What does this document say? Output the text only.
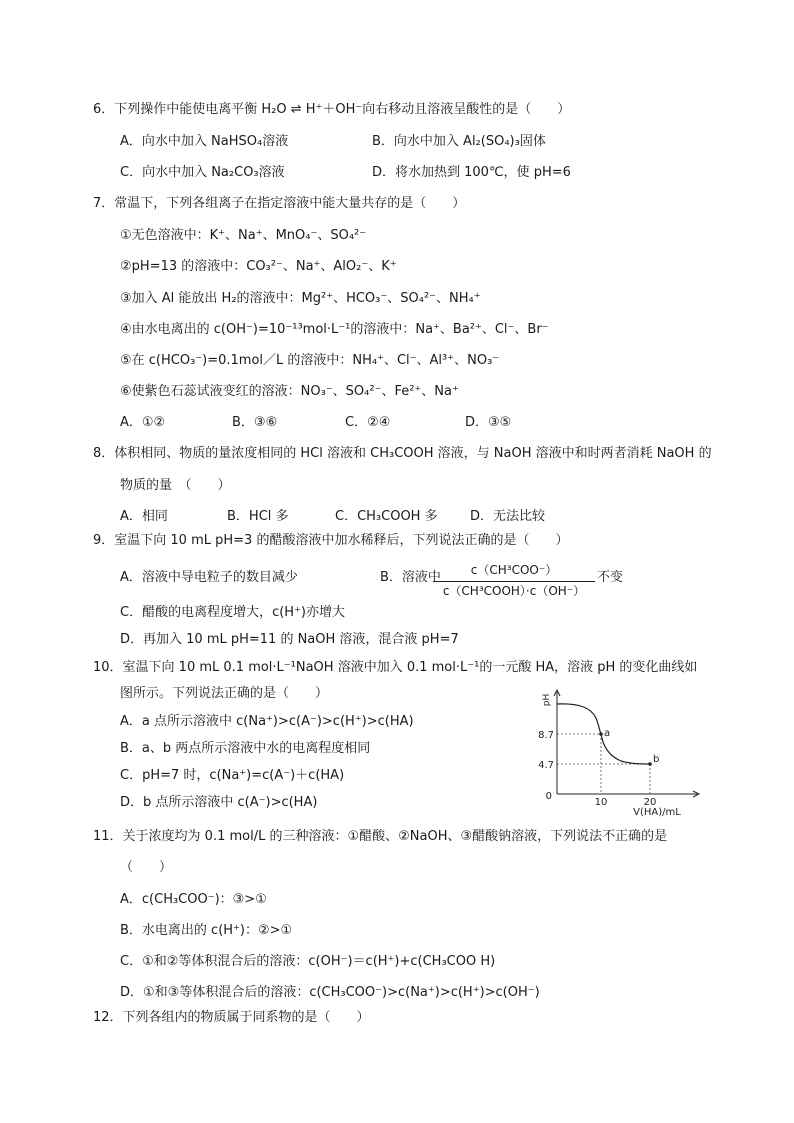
6．下列操作中能使电离平衡 H₂O ⇌ H⁺＋OH⁻向右移动且溶液呈酸性的是（　　）
A．向水中加入 NaHSO₄溶液	B．向水中加入 Al₂(SO₄)₃固体
C．向水中加入 Na₂CO₃溶液	D．将水加热到 100℃，使 pH=6
7．常温下，下列各组离子在指定溶液中能大量共存的是（　　）
①无色溶液中：K⁺、Na⁺、MnO₄⁻、SO₄²⁻
②pH=13 的溶液中：CO₃²⁻、Na⁺、AlO₂⁻、K⁺
③加入 Al 能放出 H₂的溶液中：Mg²⁺、HCO₃⁻、SO₄²⁻、NH₄⁺
④由水电离出的 c(OH⁻)=10⁻¹³mol·L⁻¹的溶液中：Na⁺、Ba²⁺、Cl⁻、Br⁻
⑤在 c(HCO₃⁻)=0.1mol／L 的溶液中：NH₄⁺、Cl⁻、Al³⁺、NO₃⁻
⑥使紫色石蕊试液变红的溶液：NO₃⁻、SO₄²⁻、Fe²⁺、Na⁺
A．①②	B．③⑥	C．②④	D．③⑤
8．体积相同、物质的量浓度相同的 HCl 溶液和 CH₃COOH 溶液，与 NaOH 溶液中和时两者消耗 NaOH 的
物质的量　（　　）
A．相同	B．HCl 多	C．CH₃COOH 多 D．无法比较
9．室温下向 10 mL pH=3 的醋酸溶液中加水稀释后，下列说法正确的是（　　）
A．溶液中导电粒子的数目减少	B．溶液中	c（CH³COO⁻）
c（CH³COOH）·c（OH⁻）
不变
C．醋酸的电离程度增大，c(H⁺)亦增大
D．再加入 10 mL pH=11 的 NaOH 溶液，混合液 pH=7
10．室温下向 10 mL 0.1 mol·L⁻¹NaOH 溶液中加入 0.1 mol·L⁻¹的一元酸 HA，溶液 pH 的变化曲线如
图所示。下列说法正确的是（　　）
A．a 点所示溶液中 c(Na⁺)>c(A⁻)>c(H⁺)>c(HA)
B．a、b 两点所示溶液中水的电离程度相同
C．pH=7 时，c(Na⁺)=c(A⁻)＋c(HA)
D．b 点所示溶液中 c(A⁻)>c(HA)
pH
8.7
4.7
0
10	20
a
b
V(HA)/mL
11．关于浓度均为 0.1 mol/L 的三种溶液：①醋酸、②NaOH、③醋酸钠溶液，下列说法不正确的是
（　　）
A．c(CH₃COO⁻)：③>①
B．水电离出的 c(H⁺)：②>①
C．①和②等体积混合后的溶液：c(OH⁻)＝c(H⁺)+c(CH₃COO H)
D．①和③等体积混合后的溶液：c(CH₃COO⁻)>c(Na⁺)>c(H⁺)>c(OH⁻)
12．下列各组内的物质属于同系物的是（　　）
